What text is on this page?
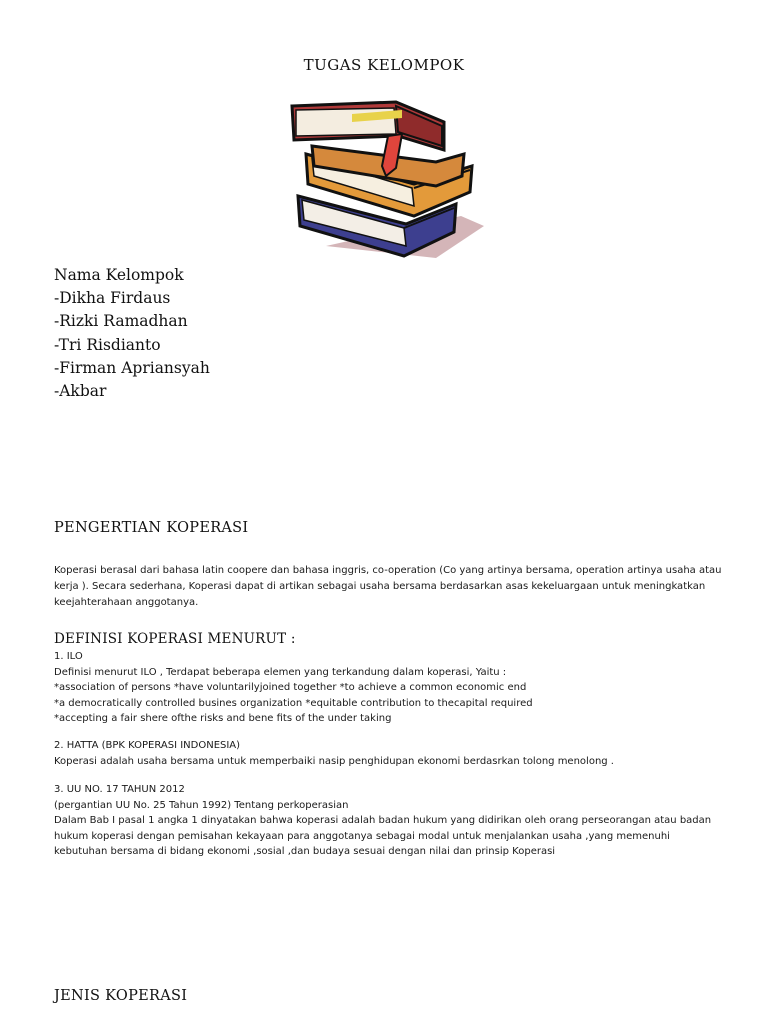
TUGAS KELOMPOK
Nama Kelompok
-Dikha Firdaus
-Rizki Ramadhan
-Tri Risdianto
-Firman Apriansyah
-Akbar
PENGERTIAN KOPERASI
Koperasi berasal dari bahasa latin coopere dan bahasa inggris, co-operation (Co yang artinya bersama, operation artinya usaha atau kerja ). Secara sederhana, Koperasi dapat di artikan sebagai usaha bersama berdasarkan asas kekeluargaan untuk meningkatkan keejahterahaan anggotanya.
DEFINISI KOPERASI MENURUT :
1. ILO
Definisi menurut ILO , Terdapat beberapa elemen yang terkandung dalam koperasi, Yaitu :
*association of persons *have voluntarilyjoined together *to achieve a common economic end
*a democratically controlled busines organization *equitable contribution to thecapital required
*accepting a fair shere ofthe risks and bene fits of the under taking
2. HATTA (BPK KOPERASI INDONESIA)
Koperasi adalah usaha bersama untuk memperbaiki nasip penghidupan ekonomi berdasrkan tolong menolong .
3. UU NO. 17 TAHUN 2012
(pergantian UU No. 25 Tahun 1992) Tentang perkoperasian
Dalam Bab I pasal 1 angka 1 dinyatakan bahwa koperasi adalah badan hukum yang didirikan oleh orang perseorangan atau badan
hukum koperasi dengan pemisahan kekayaan para anggotanya sebagai modal untuk menjalankan usaha ,yang memenuhi
kebutuhan bersama di bidang ekonomi ,sosial ,dan budaya sesuai dengan nilai dan prinsip Koperasi
JENIS KOPERASI
